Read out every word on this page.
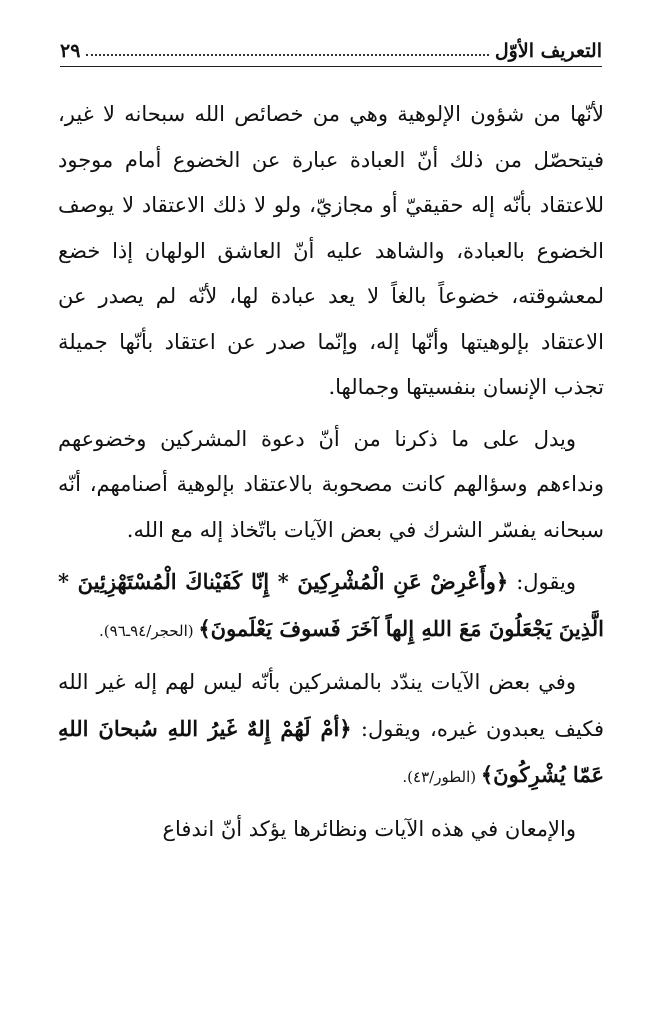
التعريف الأوّل
٢٩

لأنّها من شؤون الإلوهية وهي من خصائص الله سبحانه لا غير، فيتحصّل من ذلك أنّ العبادة عبارة عن الخضوع أمام موجود للاعتقاد بأنّه إله حقيقيّ أو مجازيّ، ولو لا ذلك الاعتقاد لا يوصف الخضوع بالعبادة، والشاهد عليه أنّ العاشق الولهان إذا خضع لمعشوقته، خضوعاً بالغاً لا يعد عبادة لها، لأنّه لم يصدر عن الاعتقاد بإلوهيتها وأنّها إله، وإنّما صدر عن اعتقاد بأنّها جميلة تجذب الإنسان بنفسيتها وجمالها.

ويدل على ما ذكرنا من أنّ دعوة المشركين وخضوعهم ونداءهم وسؤالهم كانت مصحوبة بالاعتقاد بإلوهية أصنامهم، أنّه سبحانه يفسّر الشرك في بعض الآيات باتّخاذ إله مع الله.

ويقول: ﴿وأَعْرِضْ عَنِ الْمُشْرِكِينَ * إِنّا كَفَيْناكَ الْمُسْتَهْزِئِينَ * الَّذِينَ يَجْعَلُونَ مَعَ اللهِ إِلهاً آخَرَ فَسوفَ يَعْلَمونَ﴾ (الحجر/٩٤ـ٩٦).

وفي بعض الآيات يندّد بالمشركين بأنّه ليس لهم إله غير الله فكيف يعبدون غيره، ويقول: ﴿أمْ لَهُمْ إِلهٌ غَيرُ اللهِ سُبحانَ اللهِ عَمّا يُشْرِكُونَ﴾ (الطور/٤٣).

والإمعان في هذه الآيات ونظائرها يؤكد أنّ اندفاع
